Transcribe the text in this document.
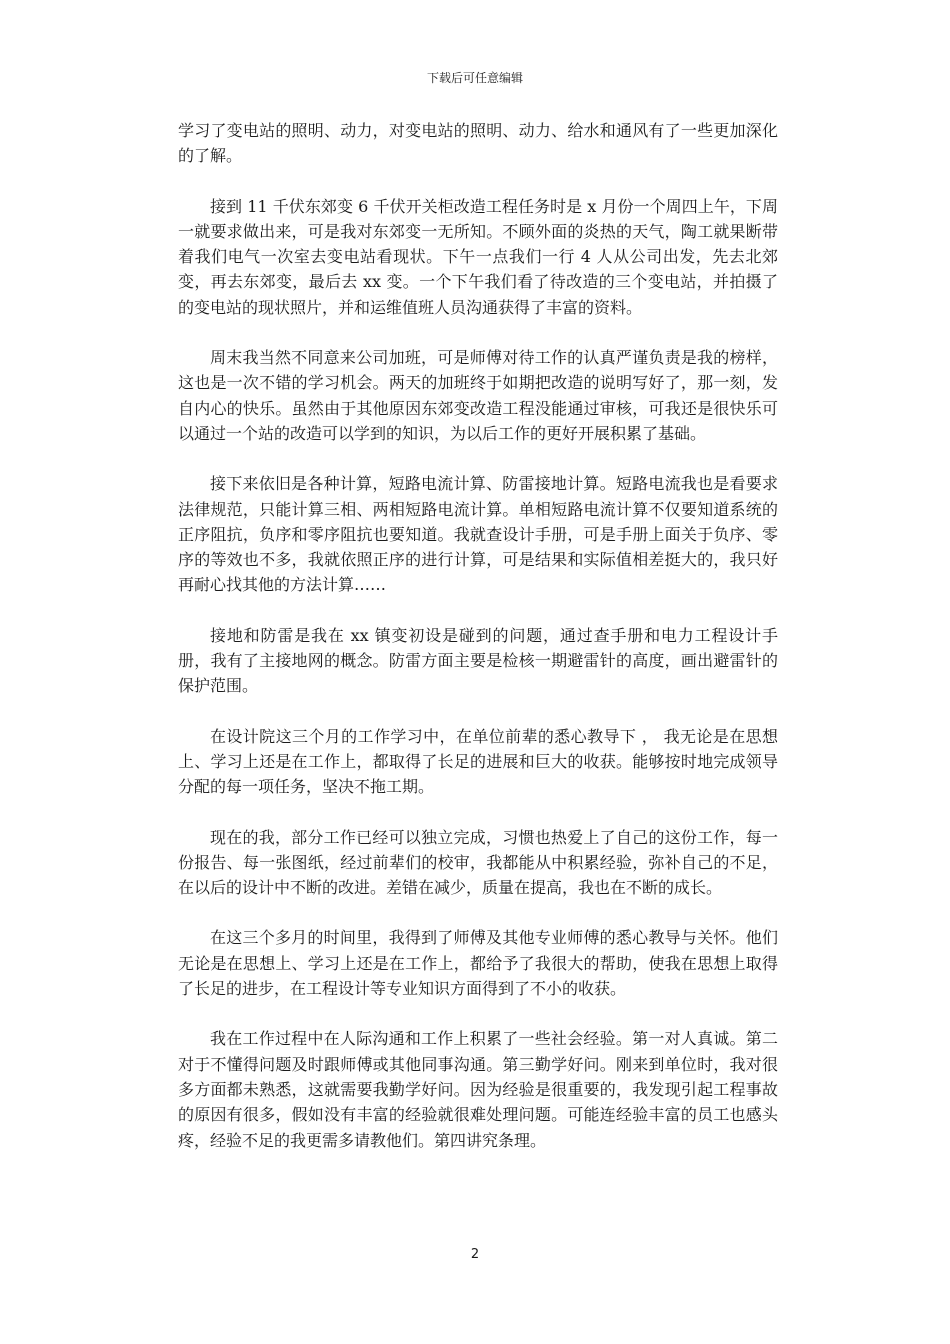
下载后可任意编辑

学习了变电站的照明、动力，对变电站的照明、动力、给水和通风有了一些更加深化的了解。

接到 11 千伏东郊变 6 千伏开关柜改造工程任务时是 x 月份一个周四上午，下周一就要求做出来，可是我对东郊变一无所知。不顾外面的炎热的天气，陶工就果断带着我们电气一次室去变电站看现状。下午一点我们一行 4 人从公司出发，先去北郊变，再去东郊变，最后去 xx 变。一个下午我们看了待改造的三个变电站，并拍摄了的变电站的现状照片，并和运维值班人员沟通获得了丰富的资料。

周末我当然不同意来公司加班，可是师傅对待工作的认真严谨负责是我的榜样，这也是一次不错的学习机会。两天的加班终于如期把改造的说明写好了，那一刻，发自内心的快乐。虽然由于其他原因东郊变改造工程没能通过审核，可我还是很快乐可以通过一个站的改造可以学到的知识，为以后工作的更好开展积累了基础。

接下来依旧是各种计算，短路电流计算、防雷接地计算。短路电流我也是看要求法律规范，只能计算三相、两相短路电流计算。单相短路电流计算不仅要知道系统的正序阻抗，负序和零序阻抗也要知道。我就查设计手册，可是手册上面关于负序、零序的等效也不多，我就依照正序的进行计算，可是结果和实际值相差挺大的，我只好再耐心找其他的方法计算……

接地和防雷是我在 xx 镇变初设是碰到的问题，通过查手册和电力工程设计手册，我有了主接地网的概念。防雷方面主要是检核一期避雷针的高度，画出避雷针的保护范围。

在设计院这三个月的工作学习中，在单位前辈的悉心教导下 ， 我无论是在思想上、学习上还是在工作上，都取得了长足的进展和巨大的收获。能够按时地完成领导分配的每一项任务，坚决不拖工期。

现在的我，部分工作已经可以独立完成，习惯也热爱上了自己的这份工作，每一份报告、每一张图纸，经过前辈们的校审，我都能从中积累经验，弥补自己的不足，在以后的设计中不断的改进。差错在减少，质量在提高，我也在不断的成长。

在这三个多月的时间里，我得到了师傅及其他专业师傅的悉心教导与关怀。他们无论是在思想上、学习上还是在工作上，都给予了我很大的帮助，使我在思想上取得了长足的进步，在工程设计等专业知识方面得到了不小的收获。

我在工作过程中在人际沟通和工作上积累了一些社会经验。第一对人真诚。第二对于不懂得问题及时跟师傅或其他同事沟通。第三勤学好问。刚来到单位时，我对很多方面都未熟悉，这就需要我勤学好问。因为经验是很重要的，我发现引起工程事故的原因有很多，假如没有丰富的经验就很难处理问题。可能连经验丰富的员工也感头疼，经验不足的我更需多请教他们。第四讲究条理。

2
